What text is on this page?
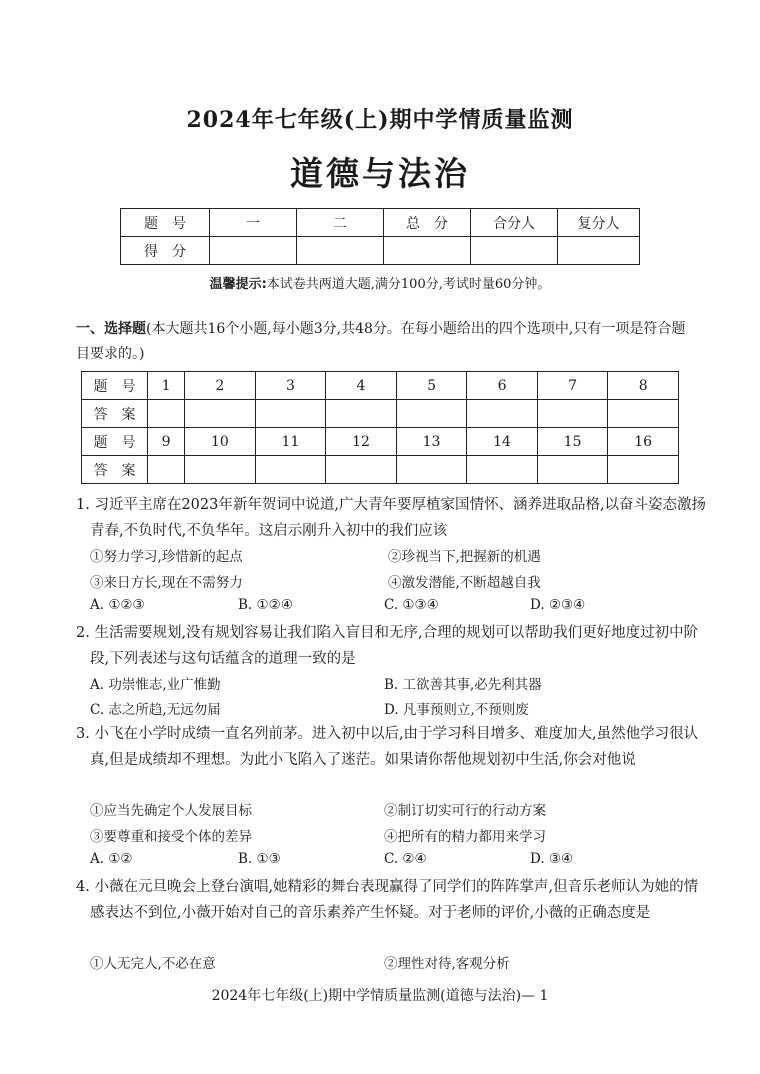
2024年七年级(上)期中学情质量监测
道德与法治
题　号	一	二	总　分	合分人	复分人
得　分					
温馨提示:本试卷共两道大题,满分100分,考试时量60分钟。
一、选择题(本大题共16个小题,每小题3分,共48分。在每小题给出的四个选项中,只有一项是符合题目要求的。)
题　号	1	2	3	4	5	6	7	8
答　案								
题　号	9	10	11	12	13	14	15	16
答　案								
1. 习近平主席在2023年新年贺词中说道,广大青年要厚植家国情怀、涵养进取品格,以奋斗姿态激扬青春,不负时代,不负华年。这启示刚升入初中的我们应该
①努力学习,珍惜新的起点	②珍视当下,把握新的机遇
③来日方长,现在不需努力	④激发潜能,不断超越自我
A. ①②③	B. ①②④	C. ①③④	D. ②③④
2. 生活需要规划,没有规划容易让我们陷入盲目和无序,合理的规划可以帮助我们更好地度过初中阶段,下列表述与这句话蕴含的道理一致的是
A. 功崇惟志,业广惟勤	B. 工欲善其事,必先利其器
C. 志之所趋,无远勿届	D. 凡事预则立,不预则废
3. 小飞在小学时成绩一直名列前茅。进入初中以后,由于学习科目增多、难度加大,虽然他学习很认真,但是成绩却不理想。为此小飞陷入了迷茫。如果请你帮他规划初中生活,你会对他说
①应当先确定个人发展目标	②制订切实可行的行动方案
③要尊重和接受个体的差异	④把所有的精力都用来学习
A. ①②	B. ①③	C. ②④	D. ③④
4. 小薇在元旦晚会上登台演唱,她精彩的舞台表现赢得了同学们的阵阵掌声,但音乐老师认为她的情感表达不到位,小薇开始对自己的音乐素养产生怀疑。对于老师的评价,小薇的正确态度是
①人无完人,不必在意	②理性对待,客观分析
2024年七年级(上)期中学情质量监测(道德与法治)— 1
